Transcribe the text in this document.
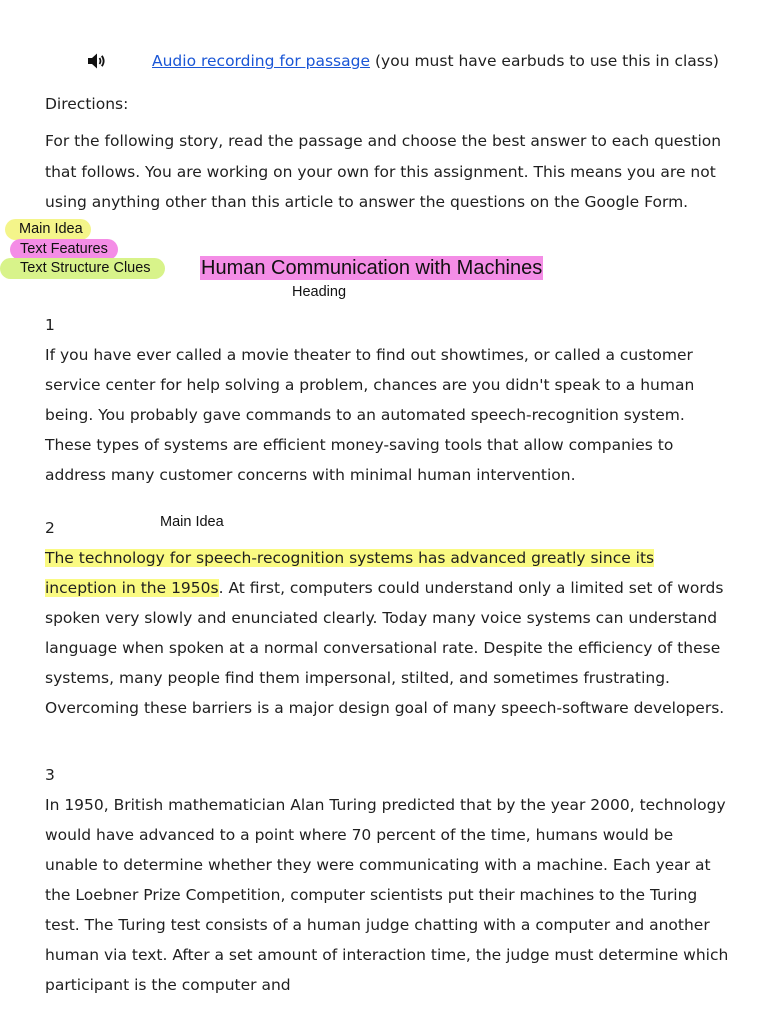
Audio recording for passage (you must have earbuds to use this in class)
Directions:
For the following story, read the passage and choose the best answer to each question that follows. You are working on your own for this assignment. This means you are not using anything other than this article to answer the questions on the Google Form.
Main Idea
Text Features
Text Structure Clues	Human Communication with Machines
Heading
1
If you have ever called a movie theater to find out showtimes, or called a customer service center for help solving a problem, chances are you didn't speak to a human being. You probably gave commands to an automated speech-recognition system. These types of systems are efficient money-saving tools that allow companies to address many customer concerns with minimal human intervention.
2	Main Idea
The technology for speech-recognition systems has advanced greatly since its inception in the 1950s. At first, computers could understand only a limited set of words spoken very slowly and enunciated clearly. Today many voice systems can understand language when spoken at a normal conversational rate. Despite the efficiency of these systems, many people find them impersonal, stilted, and sometimes frustrating. Overcoming these barriers is a major design goal of many speech-software developers.
3
In 1950, British mathematician Alan Turing predicted that by the year 2000, technology would have advanced to a point where 70 percent of the time, humans would be unable to determine whether they were communicating with a machine. Each year at the Loebner Prize Competition, computer scientists put their machines to the Turing test. The Turing test consists of a human judge chatting with a computer and another human via text. After a set amount of interaction time, the judge must determine which participant is the computer and
